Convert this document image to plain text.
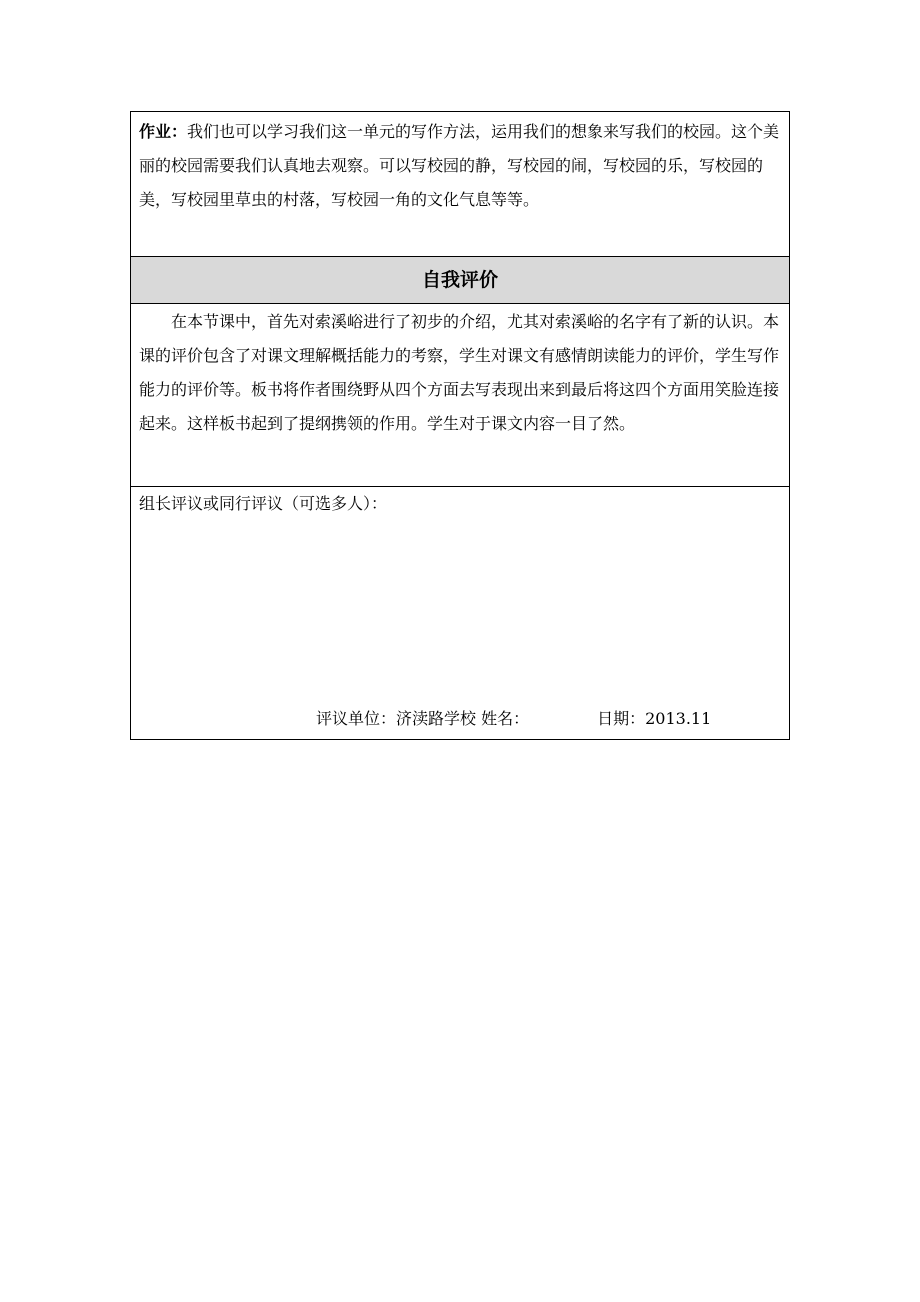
作业：我们也可以学习我们这一单元的写作方法，运用我们的想象来写我们的校园。这个美丽的校园需要我们认真地去观察。可以写校园的静，写校园的闹，写校园的乐，写校园的美，写校园里草虫的村落，写校园一角的文化气息等等。
自我评价

在本节课中，首先对索溪峪进行了初步的介绍，尤其对索溪峪的名字有了新的认识。本课的评价包含了对课文理解概括能力的考察，学生对课文有感情朗读能力的评价，学生写作能力的评价等。板书将作者围绕野从四个方面去写表现出来到最后将这四个方面用笑脸连接起来。这样板书起到了提纲携领的作用。学生对于课文内容一目了然。

组长评议或同行评议（可选多人）：
评议单位：济渎路学校 姓名：	日期：2013.11
